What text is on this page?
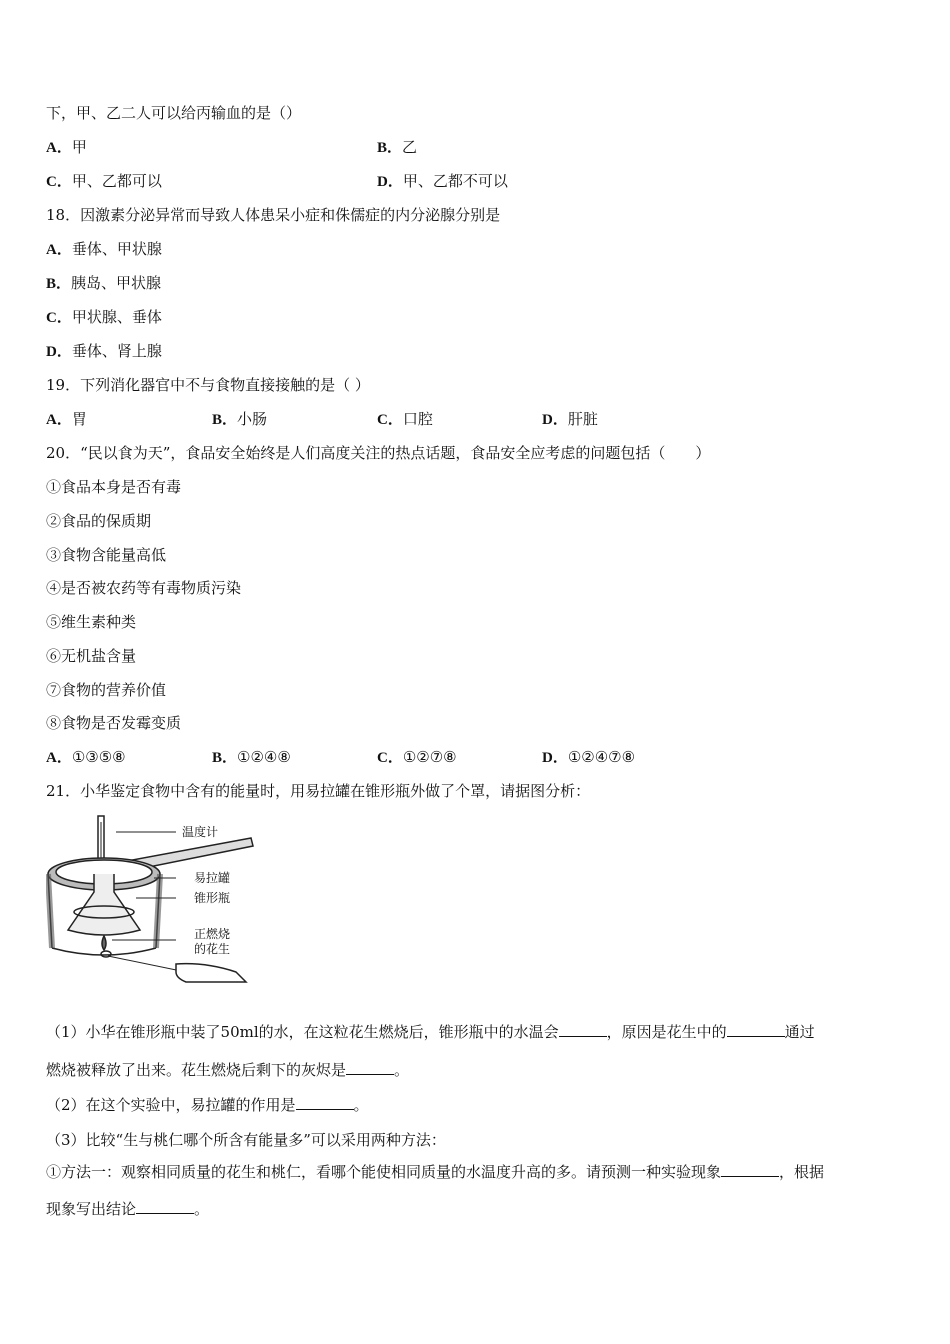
下，甲、乙二人可以给丙输血的是（）
A．甲	B．乙
C．甲、乙都可以	D．甲、乙都不可以
18．因激素分泌异常而导致人体患呆小症和侏儒症的内分泌腺分别是
A．垂体、甲状腺
B．胰岛、甲状腺
C．甲状腺、垂体
D．垂体、肾上腺
19．下列消化器官中不与食物直接接触的是（ ）
A．胃	B．小肠	C．口腔	D．肝脏
20．“民以食为天”，食品安全始终是人们高度关注的热点话题，食品安全应考虑的问题包括（　　）
①食品本身是否有毒
②食品的保质期
③食物含能量高低
④是否被农药等有毒物质污染
⑤维生素种类
⑥无机盐含量
⑦食物的营养价值
⑧食物是否发霉变质
A．①③⑤⑧	B．①②④⑧	C．①②⑦⑧	D．①②④⑦⑧
21．小华鉴定食物中含有的能量时，用易拉罐在锥形瓶外做了个罩，请据图分析：
温度计
易拉罐
锥形瓶
正燃烧
的花生
（1）小华在锥形瓶中装了50ml的水，在这粒花生燃烧后，锥形瓶中的水温会	，原因是花生中的	通过
燃烧被释放了出来。花生燃烧后剩下的灰烬是	。
（2）在这个实验中，易拉罐的作用是	。
（3）比较“生与桃仁哪个所含有能量多”可以采用两种方法：
①方法一：观察相同质量的花生和桃仁，看哪个能使相同质量的水温度升高的多。请预测一种实验现象	，根据
现象写出结论	。
